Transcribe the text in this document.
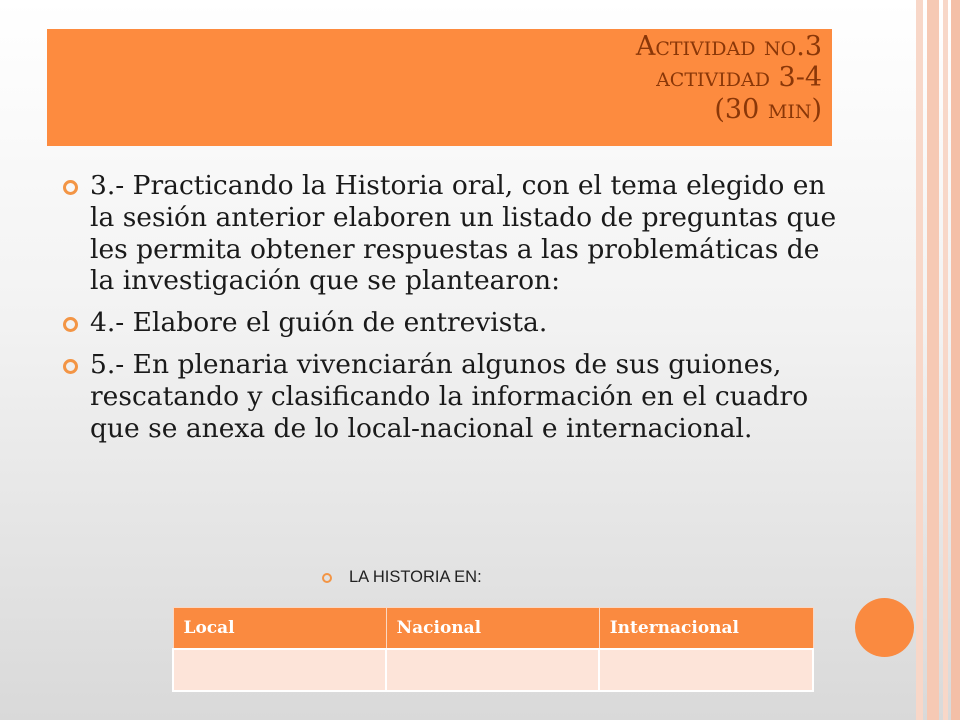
Actividad no.3
actividad 3-4
(30 min)
3.- Practicando la Historia oral, con el tema elegido en la sesión anterior elaboren un listado de preguntas que les permita obtener respuestas a las problemáticas de la investigación que se plantearon:
4.- Elabore el guión de entrevista.
5.- En plenaria vivenciarán algunos de sus guiones, rescatando y clasificando la información en el cuadro que se anexa de lo local-nacional e internacional.
LA HISTORIA EN:
Local	Nacional	Internacional
